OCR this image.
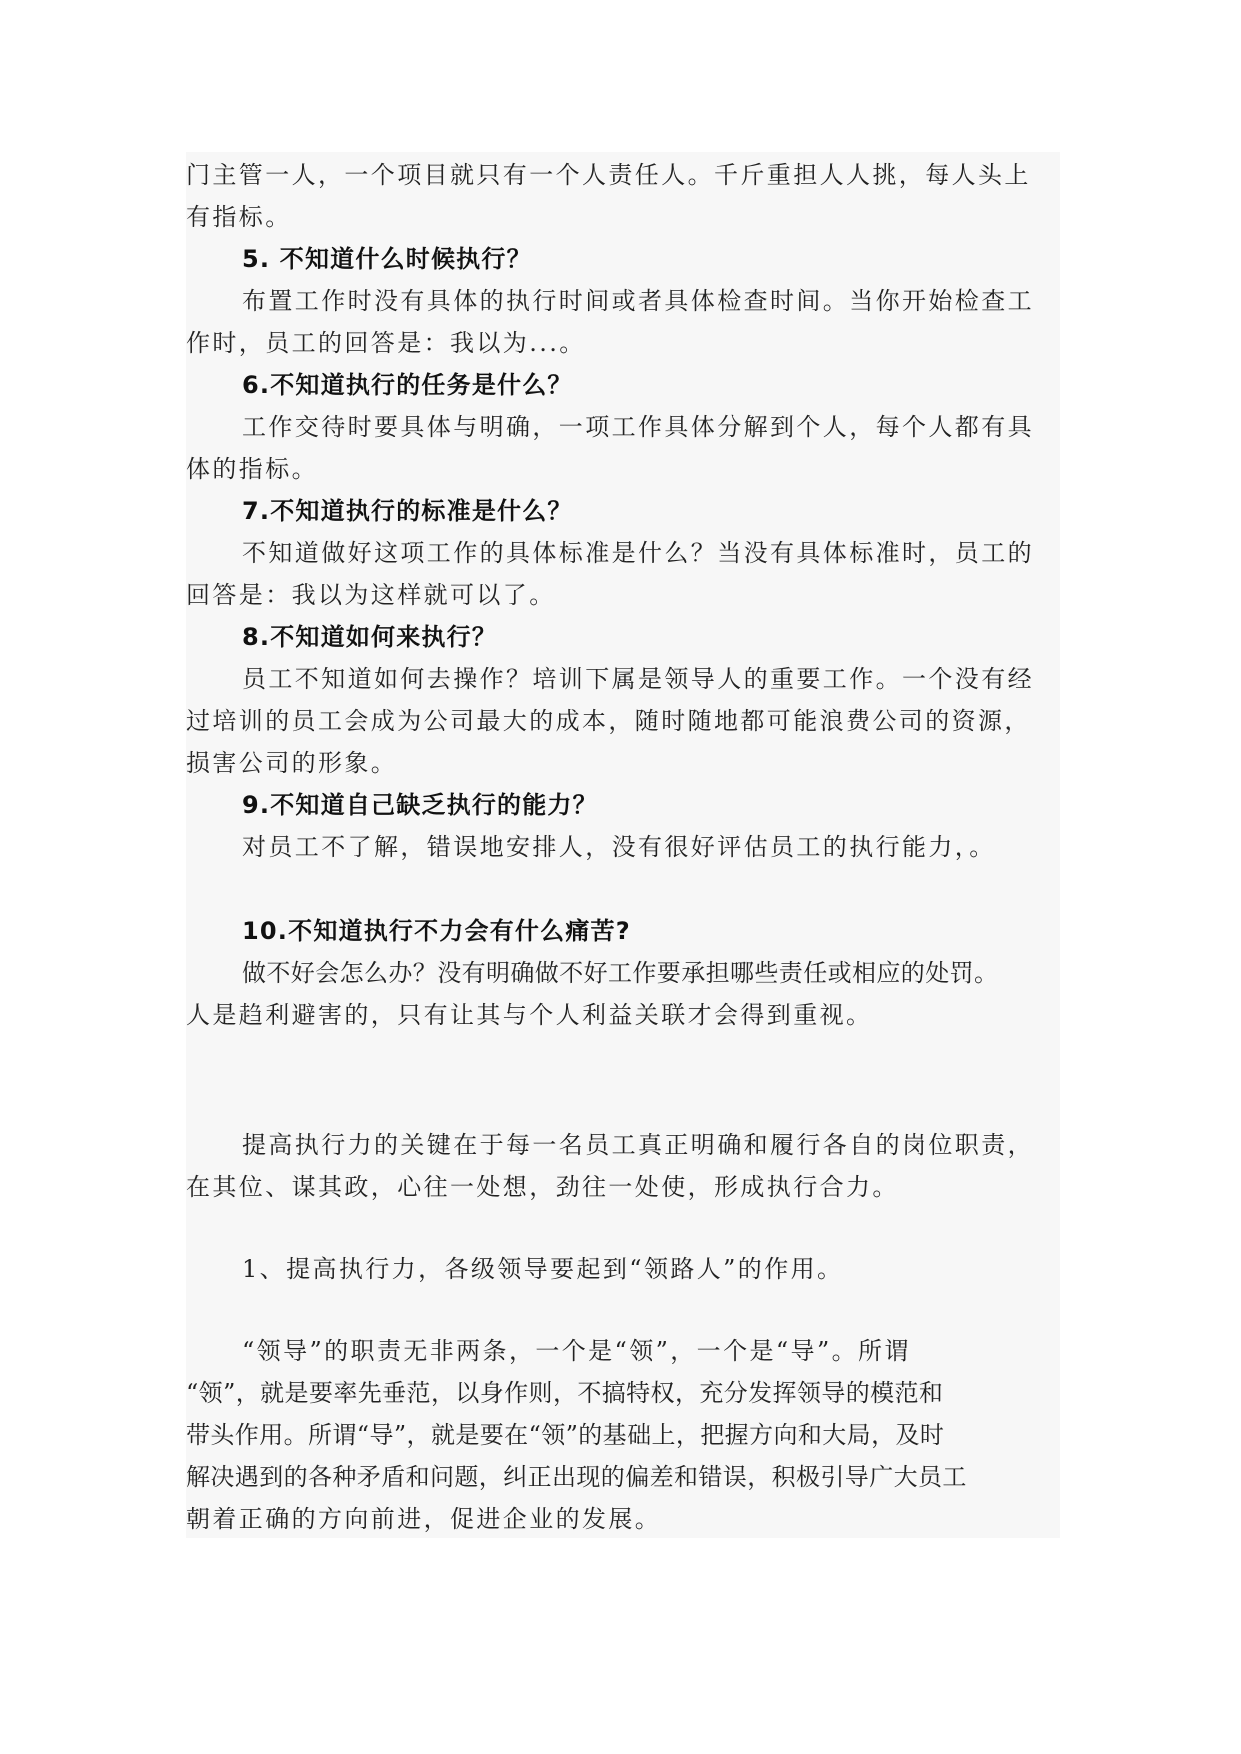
门主管一人，一个项目就只有一个人责任人。千斤重担人人挑，每人头上
有指标。
5. 不知道什么时候执行？
布置工作时没有具体的执行时间或者具体检查时间。当你开始检查工
作时，员工的回答是：我以为...。
6.不知道执行的任务是什么？
工作交待时要具体与明确，一项工作具体分解到个人，每个人都有具
体的指标。
7.不知道执行的标准是什么？
不知道做好这项工作的具体标准是什么？当没有具体标准时，员工的
回答是：我以为这样就可以了。
8.不知道如何来执行？
员工不知道如何去操作？培训下属是领导人的重要工作。一个没有经
过培训的员工会成为公司最大的成本，随时随地都可能浪费公司的资源，
损害公司的形象。
9.不知道自己缺乏执行的能力？
对员工不了解，错误地安排人，没有很好评估员工的执行能力，。
10.不知道执行不力会有什么痛苦?
做不好会怎么办？没有明确做不好工作要承担哪些责任或相应的处罚。
人是趋利避害的，只有让其与个人利益关联才会得到重视。
提高执行力的关键在于每一名员工真正明确和履行各自的岗位职责，
在其位、谋其政，心往一处想，劲往一处使，形成执行合力。
1、提高执行力，各级领导要起到“领路人”的作用。
“领导”的职责无非两条，一个是“领”，一个是“导”。所谓
“领”，就是要率先垂范，以身作则，不搞特权，充分发挥领导的模范和
带头作用。所谓“导”，就是要在“领”的基础上，把握方向和大局，及时
解决遇到的各种矛盾和问题，纠正出现的偏差和错误，积极引导广大员工
朝着正确的方向前进，促进企业的发展。
